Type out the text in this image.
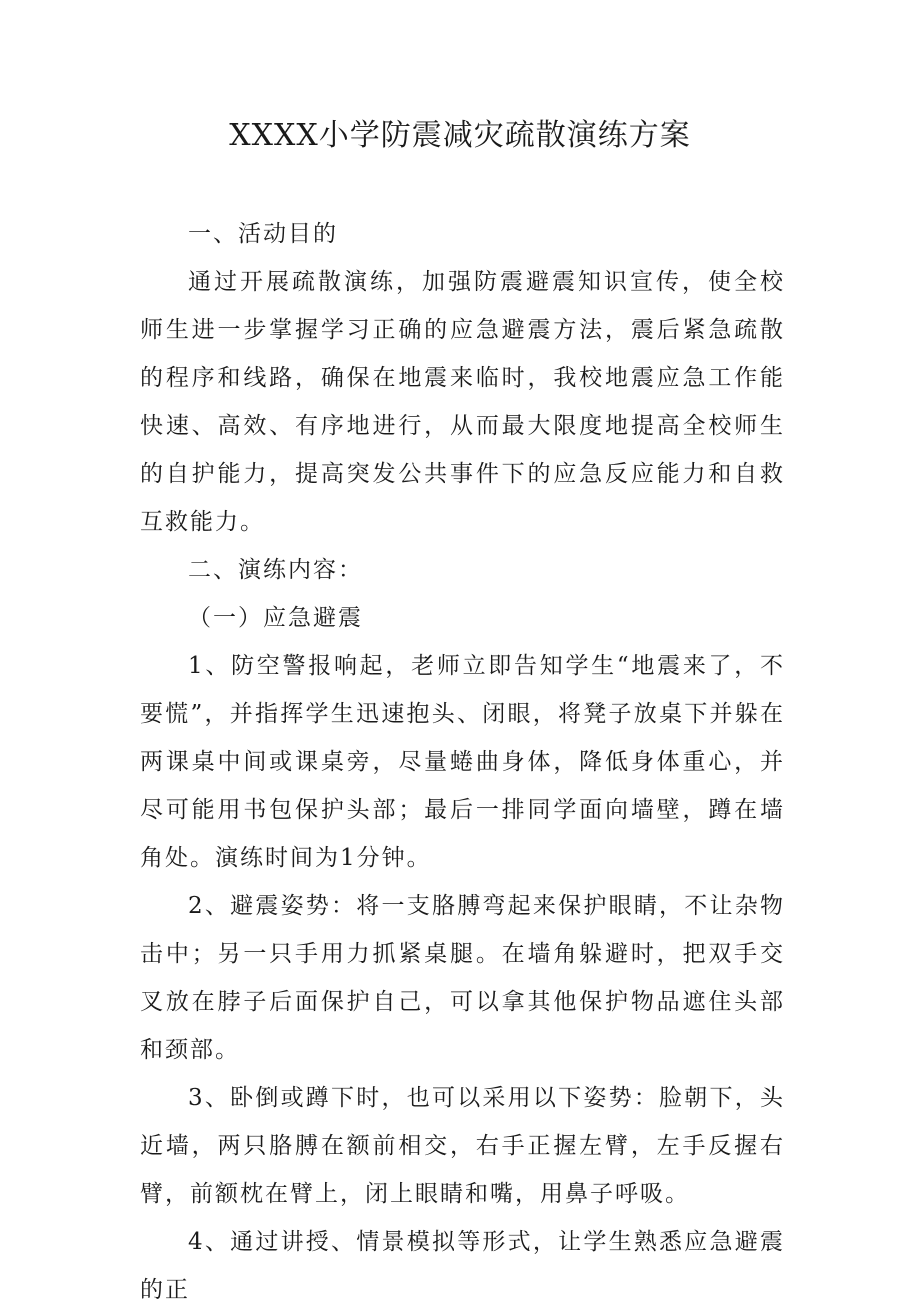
XXXX小学防震减灾疏散演练方案

一、活动目的

通过开展疏散演练，加强防震避震知识宣传，使全校师生进一步掌握学习正确的应急避震方法，震后紧急疏散的程序和线路，确保在地震来临时，我校地震应急工作能快速、高效、有序地进行，从而最大限度地提高全校师生的自护能力，提高突发公共事件下的应急反应能力和自救互救能力。

二、演练内容：

（一）应急避震

1、防空警报响起，老师立即告知学生“地震来了，不要慌”，并指挥学生迅速抱头、闭眼，将凳子放桌下并躲在两课桌中间或课桌旁，尽量蜷曲身体，降低身体重心，并尽可能用书包保护头部；最后一排同学面向墙壁，蹲在墙角处。演练时间为1分钟。

2、避震姿势：将一支胳膊弯起来保护眼睛，不让杂物击中；另一只手用力抓紧桌腿。在墙角躲避时，把双手交叉放在脖子后面保护自己，可以拿其他保护物品遮住头部和颈部。

3、卧倒或蹲下时，也可以采用以下姿势：脸朝下，头近墙，两只胳膊在额前相交，右手正握左臂，左手反握右臂，前额枕在臂上，闭上眼睛和嘴，用鼻子呼吸。

4、通过讲授、情景模拟等形式，让学生熟悉应急避震的正
